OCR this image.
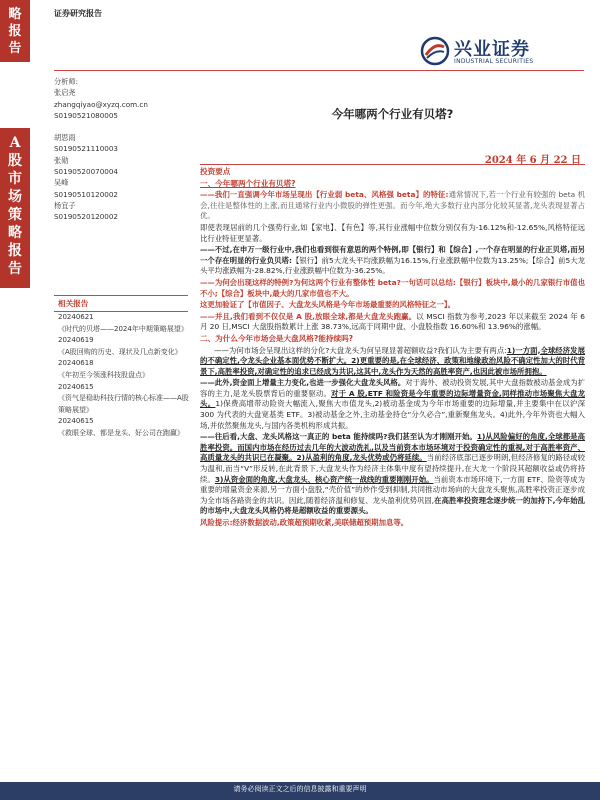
略
报
告
A
股
市
场
策
略
报
告
证券研究报告
兴业证券
INDUSTRIAL SECURITIES
分析师:
张启尧
zhangqiyao@xyzq.com.cn
S0190521080005
胡思雨
S0190521110003
张勋
S0190520070004
吴峰
S0190510120002
杨宜子
S0190520120002
相关报告
20240621
《时代的贝塔——2024年中期策略展望》
20240619
《A股回购的历史、现状及几点新变化》
20240618
《年初至今领涨科技股盘点》
20240615
《资气是稳助科技行情的核心标准——A股策略展望》
20240615
《救眼全球、都是龙头、好公司在跑赢》
今年哪两个行业有贝塔?
2024 年 6 月 22 日
投资要点
一、今年哪两个行业有贝塔?

——我们一直强调今年市场呈现出【行业弱 beta、风格强 beta】的特征:通常情况下,若一个行业有较强的 beta 机会,往往是整体性的上涨,而且通常行业内小微股的弹性更强。而今年,绝大多数行业内部分化较其显著,龙头表现显著占优。

即使表现居前的几个强势行业,如【家电】、【有色】等,其行业涨幅中位数分别仅有为-16.12%和-12.65%,风格特征远比行业特征更显著。

——不过,在申万一级行业中,我们也看到很有意思的两个特例,即【银行】和【综合】,一个存在明显的行业正贝塔,而另一个存在明显的行业负贝塔:【银行】前5大龙头平均涨跌幅为16.15%,行业涨跌幅中位数为13.25%;【综合】前5大龙头平均涨跌幅为-28.82%,行业涨跌幅中位数为-36.25%。

——为何会出现这样的特例?为何这两个行业有整体性 beta?一句话可以总结:【银行】板块中,最小的几家银行市值也不小;【综合】板块中,最大的几家市值也不大。

这更加验证了【市值因子、大盘龙头风格是今年市场最重要的风格特征之一】。

——并且,我们看到不仅仅是 A 股,放眼全球,都是大盘龙头跑赢。以 MSCI 指数为参考,2023 年以来截至 2024 年 6 月 20 日,MSCI 大盘股指数累计上涨 38.73%,远高于同期中盘、小盘股指数 16.60%和 13.96%的涨幅。

二、为什么今年市场会是大盘风格?能持续吗?

——为何市场会呈现出这样的分化?大盘龙头为何呈现显著超额收益?我们认为主要有两点:1)一方面,全球经济发展的不确定性,令龙头企业基本面优势不断扩大。2)更重要的是,在全球经济、政策和地缘政治风险不确定性加大的时代背景下,高胜率投资,对确定性的追求已经成为共识,这其中,龙头作为天然的高胜率资产,也因此被市场所拥抱。

——此外,资金面上增量主力变化,也进一步强化大盘龙头风格。对于海外、被动投资发展,其中大盘指数被动基金成为扩容的主力,是龙头股票背后的重要驱动。对于 A 股,ETF 和险资是今年重要的边际增量资金,同样推动市场聚焦大盘龙头。1)保费高增带动险资大幅流入,聚焦大市值龙头,2)被动基金成为今年市场重要的边际增量,并主要集中在以沪深 300 为代表的大盘宽基类 ETF。3)被动基金之外,主动基金持仓“分久必合”,重新聚焦龙头。4)此外,今年外资也大幅入场,并依然聚焦龙头,与国内各类机构形成共振。

——往后看,大盘、龙头风格这一真正的 beta 能持续吗?我们甚至认为才刚刚开始。1)从风险偏好的角度,全球都是高胜率投资。而国内市场在经历过去几年的大波动洗礼,以及当前资本市场环境对于投资确定性的重视,对于高胜率资产、高质量龙头的共识已在凝聚。2)从盈利的角度,龙头优势或仍将延续。当前经济底部已逐步明朗,但经济修复的路径或较为温和,而当“V”形反转,在此背景下,大盘龙头作为经济主体集中度有望持续提升,在大龙一个阶段其超额收益或仍将持续。3)从资金面的角度,大盘龙头、核心资产统一战线的重要刚刚开始。当前资本市场环境下,一方面 ETF、险资等成为重要的增量资金来源,另一方面小盘股,“壳价值”的炒作受到抑制,共同推动市场向的大盘龙头聚焦,高胜率投资正逐步成为全市场各路资金的共识。因此,随着经济温和修复、龙头盈利优势巩固,在高胜率投资理念逐步统一的加持下,今年始乱的市场中,大盘龙头风格仍将是超额收益的重要源头。

风险提示:经济数据波动,政策超预期收紧,美联储超预期加息等。

请务必阅读正文之后的信息披露和重要声明
